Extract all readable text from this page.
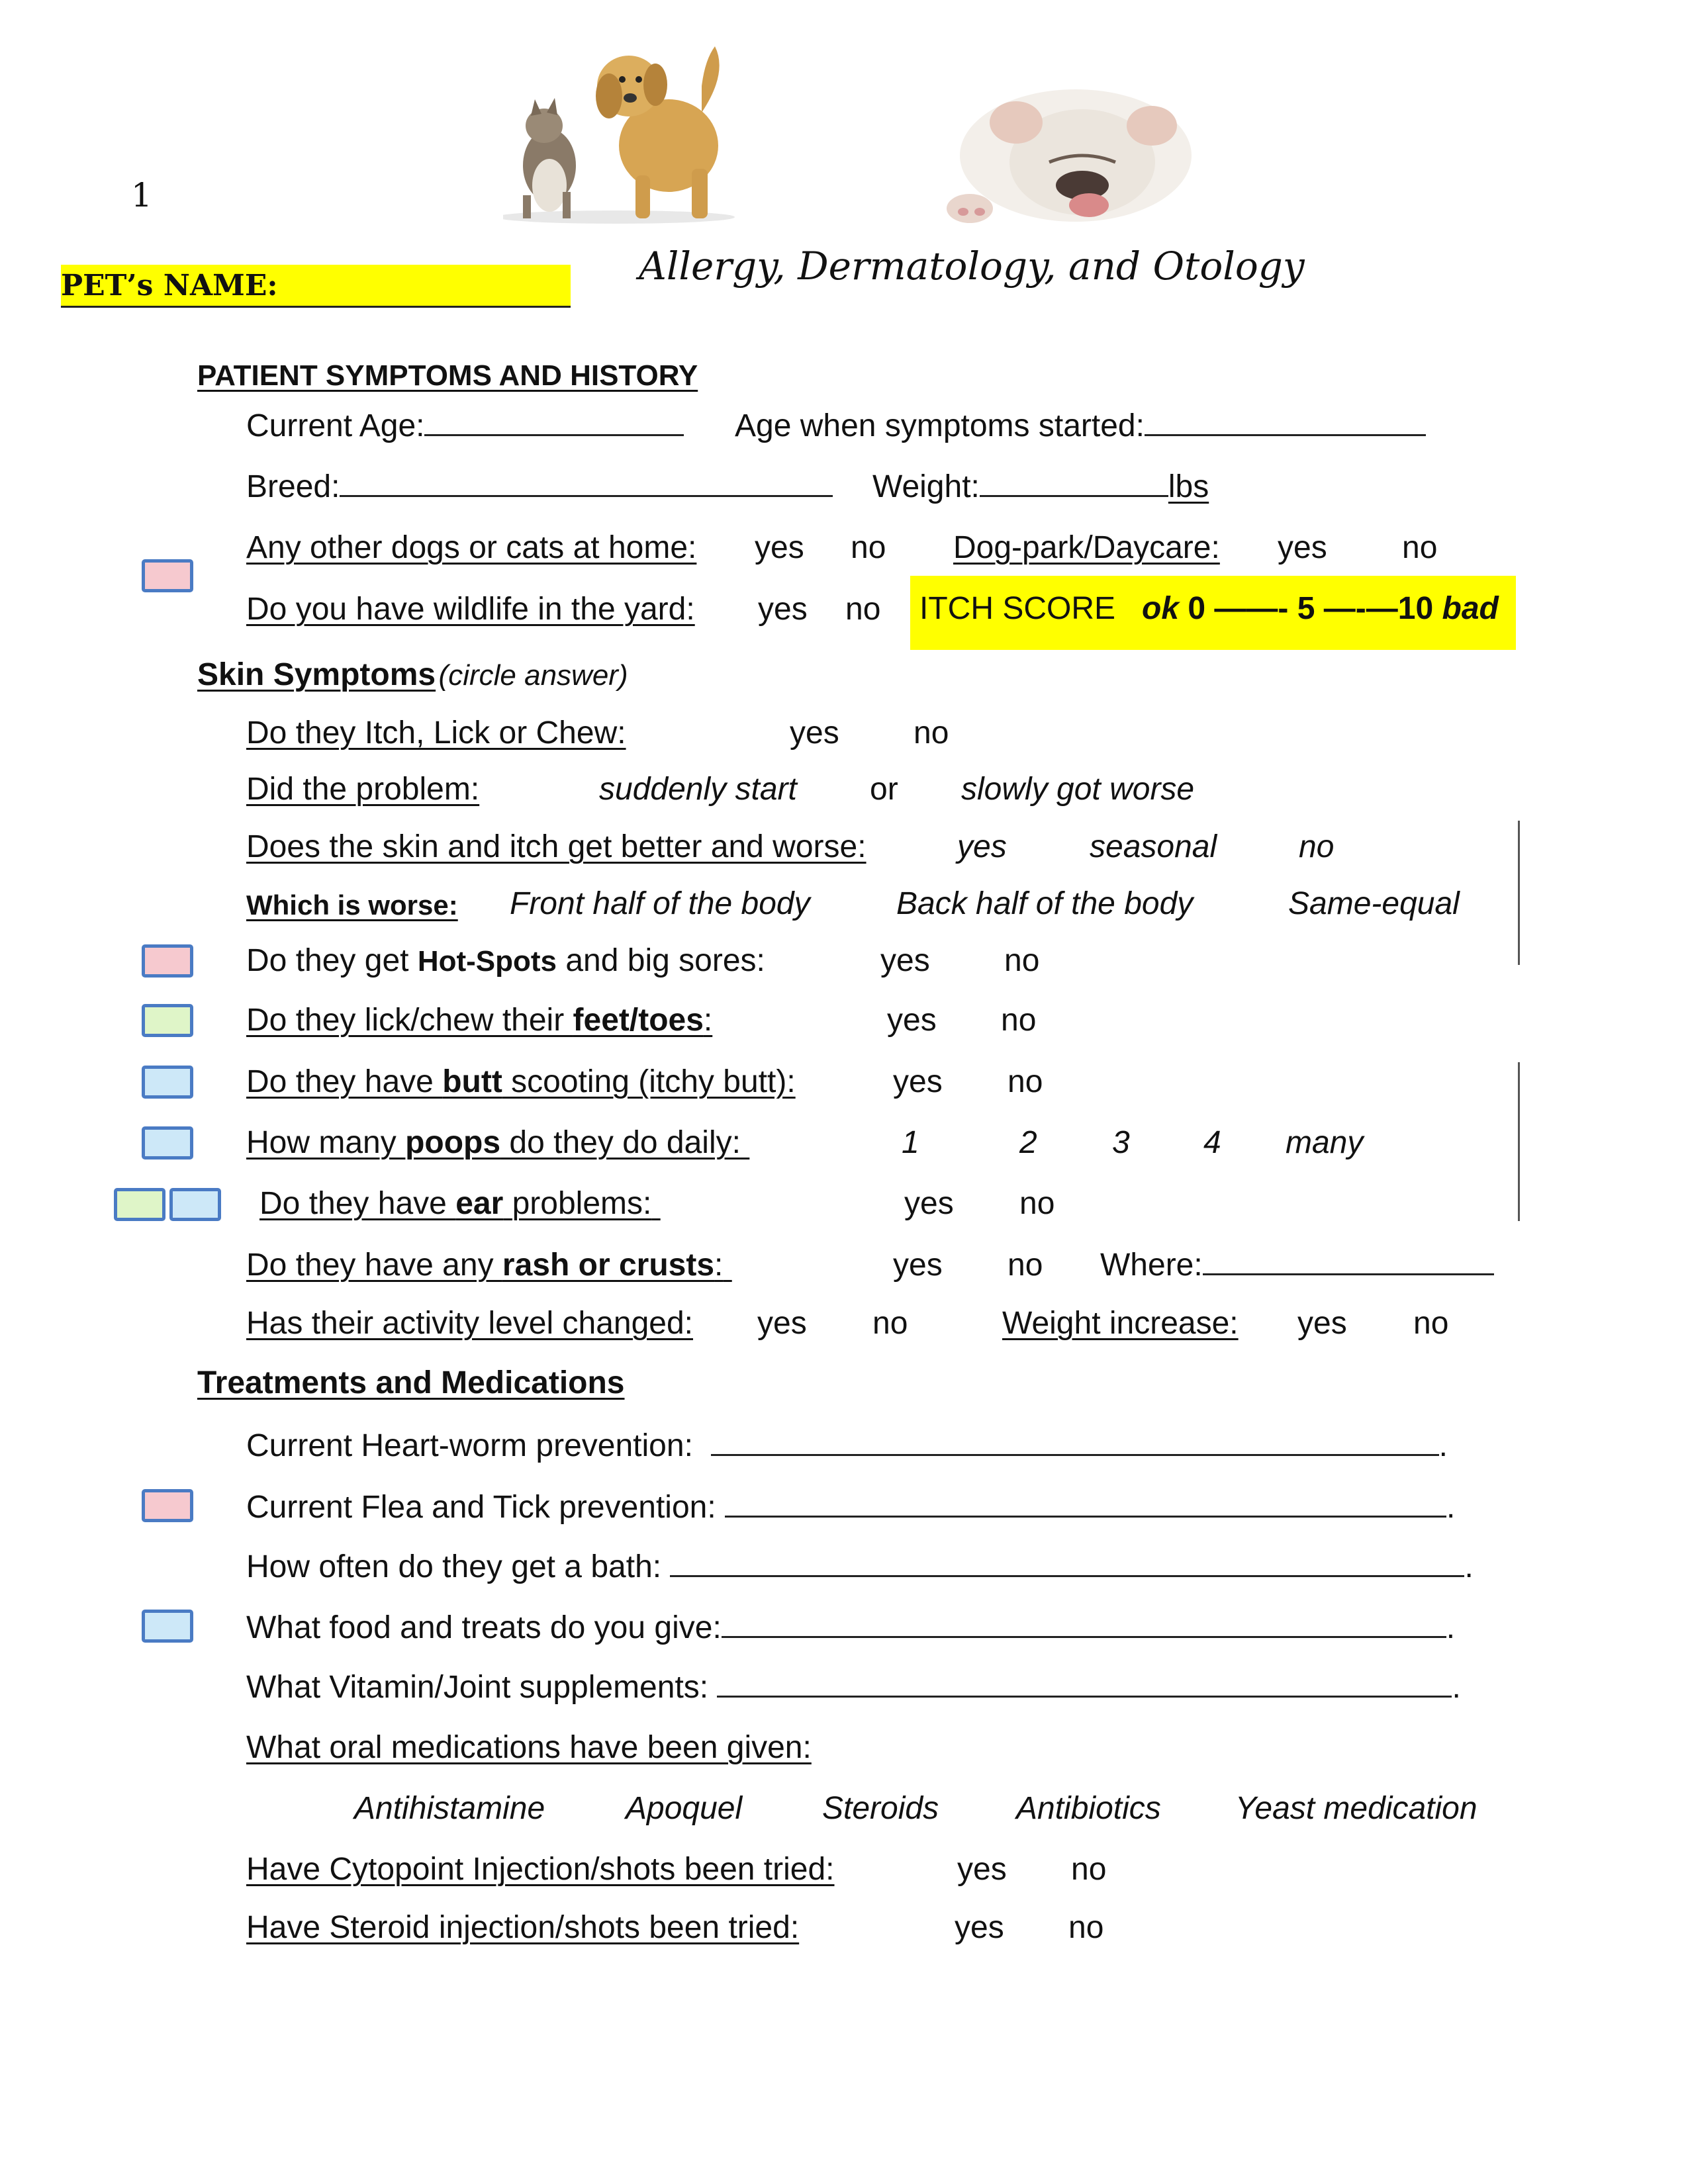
1
PET’s NAME:	Allergy, Dermatology, and Otology
PATIENT SYMPTOMS AND HISTORY
Current Age:	Age when symptoms started:
Breed:	Weight:	lbs
Any other dogs or cats at home: yes no Dog-park/Daycare: yes no
Do you have wildlife in the yard: yes no ITCH SCORE ok 0 ——- 5 —-—10 bad
Skin Symptoms (circle answer)
Do they Itch, Lick or Chew:	yes no
Did the problem:	suddenly start or slowly got worse
Does the skin and itch get better and worse:	yes	seasonal	no
Which is worse: Front half of the body	Back half of the body	Same-equal
Do they get Hot-Spots and big sores:	yes no
Do they lick/chew their feet/toes:	yes no
Do they have butt scooting (itchy butt):	yes no
How many poops do they do daily:	1	2 3 4 many
Do they have ear problems:	yes no
Do they have any rash or crusts:	yes no Where:
Has their activity level changed: yes no	Weight increase: yes no
Treatments and Medications
Current Heart-worm prevention:	.
Current Flea and Tick prevention:	.
How often do they get a bath:	.
What food and treats do you give:	.
What Vitamin/Joint supplements:	.
What oral medications have been given:
Antihistamine	Apoquel	Steroids Antibiotics Yeast medication
Have Cytopoint Injection/shots been tried:	yes no
Have Steroid injection/shots been tried:	yes no
